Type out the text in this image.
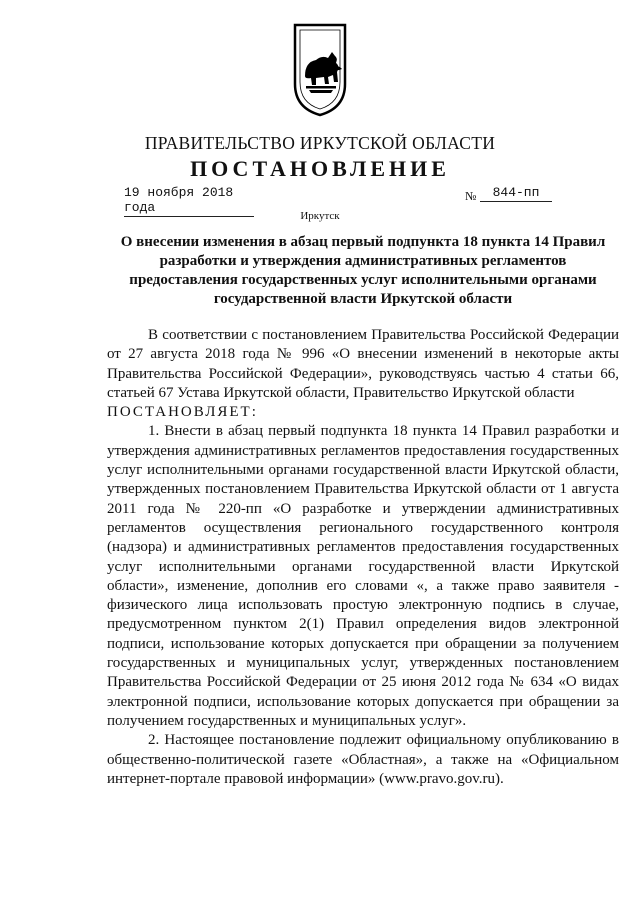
ПРАВИТЕЛЬСТВО ИРКУТСКОЙ ОБЛАСТИ
ПОСТАНОВЛЕНИЕ
19 ноября 2018 года
№	844-пп
Иркутск
О внесении изменения в абзац первый подпункта 18 пункта 14 Правил разработки и утверждения административных регламентов предоставления государственных услуг исполнительными органами государственной власти Иркутской области

В соответствии с постановлением Правительства Российской Федерации от 27 августа 2018 года № 996 «О внесении изменений в некоторые акты Правительства Российской Федерации», руководствуясь частью 4 статьи 66, статьей 67 Устава Иркутской области, Правительство Иркутской области

ПОСТАНОВЛЯЕТ:

1. Внести в абзац первый подпункта 18 пункта 14 Правил разработки и утверждения административных регламентов предоставления государственных услуг исполнительными органами государственной власти Иркутской области, утвержденных постановлением Правительства Иркутской области от 1 августа 2011 года № 220-пп «О разработке и утверждении административных регламентов осуществления регионального государственного контроля (надзора) и административных регламентов предоставления государственных услуг исполнительными органами государственной власти Иркутской области», изменение, дополнив его словами «, а также право заявителя - физического лица использовать простую электронную подпись в случае, предусмотренном пунктом 2(1) Правил определения видов электронной подписи, использование которых допускается при обращении за получением государственных и муниципальных услуг, утвержденных постановлением Правительства Российской Федерации от 25 июня 2012 года № 634 «О видах электронной подписи, использование которых допускается при обращении за получением государственных и муниципальных услуг».

2. Настоящее постановление подлежит официальному опубликованию в общественно-политической газете «Областная», а также на «Официальном интернет-портале правовой информации» (www.pravo.gov.ru).
